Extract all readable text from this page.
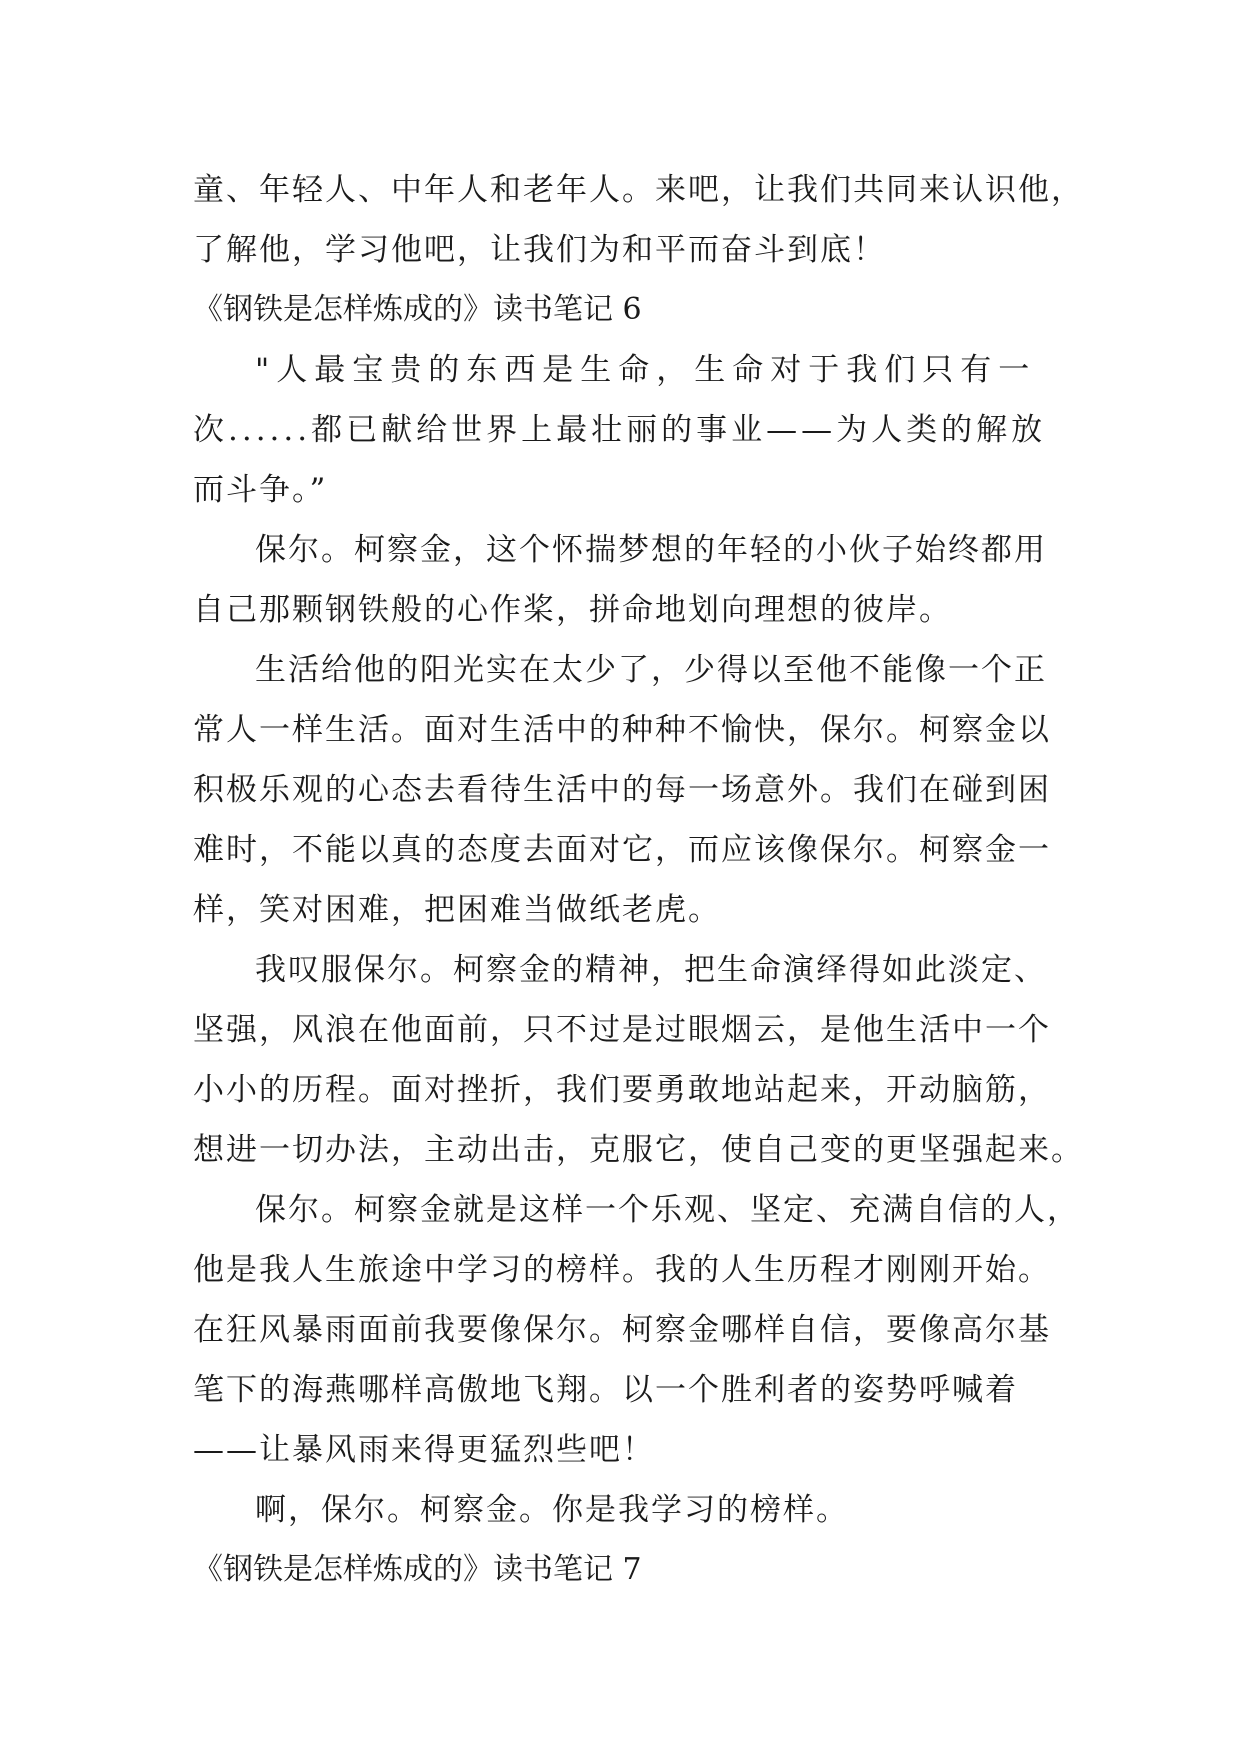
童、年轻人、中年人和老年人。来吧，让我们共同来认识他，
了解他，学习他吧，让我们为和平而奋斗到底！
《钢铁是怎样炼成的》读书笔记 6
"人最宝贵的东西是生命，生命对于我们只有一
次......都已献给世界上最壮丽的事业——为人类的解放
而斗争。”
保尔。柯察金，这个怀揣梦想的年轻的小伙子始终都用
自己那颗钢铁般的心作桨，拼命地划向理想的彼岸。
生活给他的阳光实在太少了，少得以至他不能像一个正
常人一样生活。面对生活中的种种不愉快，保尔。柯察金以
积极乐观的心态去看待生活中的每一场意外。我们在碰到困
难时，不能以真的态度去面对它，而应该像保尔。柯察金一
样，笑对困难，把困难当做纸老虎。
我叹服保尔。柯察金的精神，把生命演绎得如此淡定、
坚强，风浪在他面前，只不过是过眼烟云，是他生活中一个
小小的历程。面对挫折，我们要勇敢地站起来，开动脑筋，
想进一切办法，主动出击，克服它，使自己变的更坚强起来。
保尔。柯察金就是这样一个乐观、坚定、充满自信的人，
他是我人生旅途中学习的榜样。我的人生历程才刚刚开始。
在狂风暴雨面前我要像保尔。柯察金哪样自信，要像高尔基
笔下的海燕哪样高傲地飞翔。以一个胜利者的姿势呼喊着
——让暴风雨来得更猛烈些吧！
啊，保尔。柯察金。你是我学习的榜样。
《钢铁是怎样炼成的》读书笔记 7
